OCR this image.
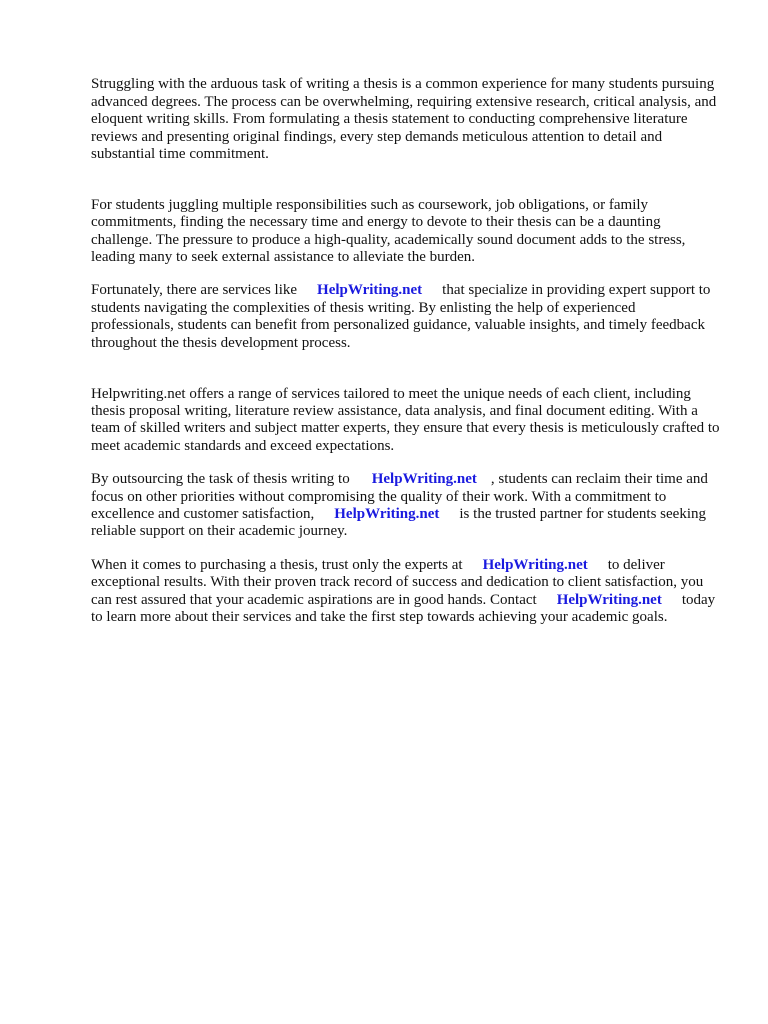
Struggling with the arduous task of writing a thesis is a common experience for many students pursuing advanced degrees. The process can be overwhelming, requiring extensive research, critical analysis, and eloquent writing skills. From formulating a thesis statement to conducting comprehensive literature reviews and presenting original findings, every step demands meticulous attention to detail and substantial time commitment.

For students juggling multiple responsibilities such as coursework, job obligations, or family commitments, finding the necessary time and energy to devote to their thesis can be a daunting challenge. The pressure to produce a high-quality, academically sound document adds to the stress, leading many to seek external assistance to alleviate the burden.

Fortunately, there are services like HelpWriting.net that specialize in providing expert support to students navigating the complexities of thesis writing. By enlisting the help of experienced professionals, students can benefit from personalized guidance, valuable insights, and timely feedback throughout the thesis development process.

Helpwriting.net offers a range of services tailored to meet the unique needs of each client, including thesis proposal writing, literature review assistance, data analysis, and final document editing. With a team of skilled writers and subject matter experts, they ensure that every thesis is meticulously crafted to meet academic standards and exceed expectations.

By outsourcing the task of thesis writing to HelpWriting.net , students can reclaim their time and focus on other priorities without compromising the quality of their work. With a commitment to excellence and customer satisfaction, HelpWriting.net is the trusted partner for students seeking reliable support on their academic journey.

When it comes to purchasing a thesis, trust only the experts at HelpWriting.net to deliver exceptional results. With their proven track record of success and dedication to client satisfaction, you can rest assured that your academic aspirations are in good hands. Contact HelpWriting.net today to learn more about their services and take the first step towards achieving your academic goals.
